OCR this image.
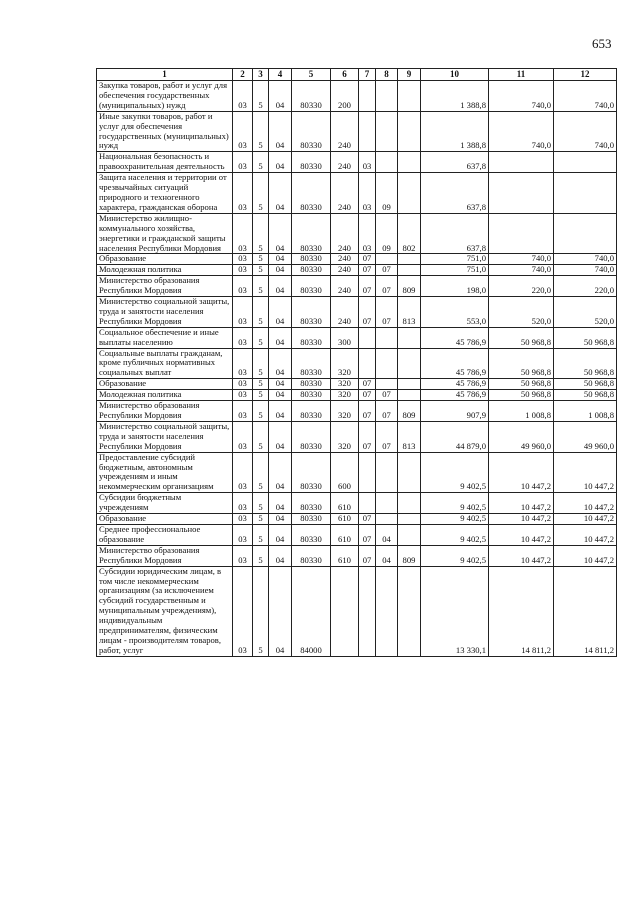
653
1	2	3	4	5	6	7	8	9	10	11	12
Закупка товаров, работ и услуг для обеспечения государственных (муниципальных) нужд	03	5	04	80330	200				1 388,8	740,0	740,0
Иные закупки товаров, работ и услуг для обеспечения государственных (муниципальных) нужд	03	5	04	80330	240				1 388,8	740,0	740,0
Национальная безопасность и правоохранительная деятельность	03	5	04	80330	240	03			637,8		
Защита населения и территории от чрезвычайных ситуаций природного и техногенного характера, гражданская оборона	03	5	04	80330	240	03	09		637,8		
Министерство жилищно-коммунального хозяйства, энергетики и гражданской защиты населения Республики Мордовия	03	5	04	80330	240	03	09	802	637,8		
Образование	03	5	04	80330	240	07			751,0	740,0	740,0
Молодежная политика	03	5	04	80330	240	07	07		751,0	740,0	740,0
Министерство образования Республики Мордовия	03	5	04	80330	240	07	07	809	198,0	220,0	220,0
Министерство социальной защиты, труда и занятости населения Республики Мордовия	03	5	04	80330	240	07	07	813	553,0	520,0	520,0
Социальное обеспечение и иные выплаты населению	03	5	04	80330	300				45 786,9	50 968,8	50 968,8
Социальные выплаты гражданам, кроме публичных нормативных социальных выплат	03	5	04	80330	320				45 786,9	50 968,8	50 968,8
Образование	03	5	04	80330	320	07			45 786,9	50 968,8	50 968,8
Молодежная политика	03	5	04	80330	320	07	07		45 786,9	50 968,8	50 968,8
Министерство образования Республики Мордовия	03	5	04	80330	320	07	07	809	907,9	1 008,8	1 008,8
Министерство социальной защиты, труда и занятости населения Республики Мордовия	03	5	04	80330	320	07	07	813	44 879,0	49 960,0	49 960,0
Предоставление субсидий бюджетным, автономным учреждениям и иным некоммерческим организациям	03	5	04	80330	600				9 402,5	10 447,2	10 447,2
Субсидии бюджетным учреждениям	03	5	04	80330	610				9 402,5	10 447,2	10 447,2
Образование	03	5	04	80330	610	07			9 402,5	10 447,2	10 447,2
Среднее профессиональное образование	03	5	04	80330	610	07	04		9 402,5	10 447,2	10 447,2
Министерство образования Республики Мордовия	03	5	04	80330	610	07	04	809	9 402,5	10 447,2	10 447,2
Субсидии юридическим лицам, в том числе некоммерческим организациям (за исключением субсидий государственным и муниципальным учреждениям), индивидуальным предпринимателям, физическим лицам - производителям товаров, работ, услуг	03	5	04	84000					13 330,1	14 811,2	14 811,2
